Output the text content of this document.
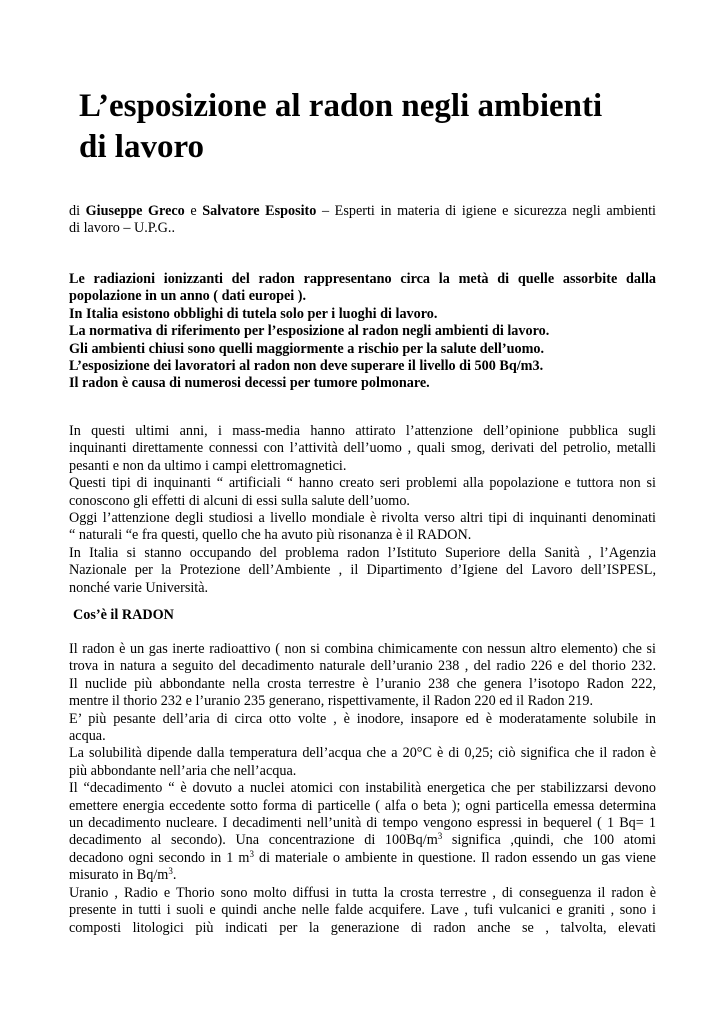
L’esposizione al radon negli ambienti
di lavoro
di Giuseppe Greco e Salvatore Esposito – Esperti in materia di igiene e sicurezza negli ambienti
di lavoro – U.P.G..
Le radiazioni ionizzanti del radon rappresentano circa la metà di quelle assorbite dalla
popolazione in un anno ( dati europei ).
In Italia esistono obblighi di tutela solo per i luoghi di lavoro.
La normativa di riferimento per l’esposizione al radon negli ambienti di lavoro.
Gli ambienti chiusi sono quelli maggiormente a rischio per la salute dell’uomo.
L’esposizione dei lavoratori al radon non deve superare il livello di 500 Bq/m3.
Il radon è causa di numerosi decessi per tumore polmonare.
In questi ultimi anni, i mass-media hanno attirato l’attenzione dell’opinione pubblica sugli
inquinanti direttamente connessi con l’attività dell’uomo , quali smog, derivati del petrolio, metalli
pesanti e non da ultimo i campi elettromagnetici.
Questi tipi di inquinanti “ artificiali “ hanno creato seri problemi alla popolazione e tuttora non si
conoscono gli effetti di alcuni di essi sulla salute dell’uomo.
Oggi l’attenzione degli studiosi a livello mondiale è rivolta verso altri tipi di inquinanti denominati
“ naturali “e fra questi, quello che ha avuto più risonanza è il RADON.
In Italia si stanno occupando del problema radon l’Istituto Superiore della Sanità , l’Agenzia
Nazionale per la Protezione dell’Ambiente , il Dipartimento d’Igiene del Lavoro dell’ISPESL,
nonché varie Università.
Cos’è il RADON
Il radon è un gas inerte radioattivo ( non si combina chimicamente con nessun altro elemento) che si
trova in natura a seguito del decadimento naturale dell’uranio 238 , del radio 226 e del thorio 232.
Il nuclide più abbondante nella crosta terrestre è l’uranio 238 che genera l’isotopo Radon 222,
mentre il thorio 232 e l’uranio 235 generano, rispettivamente, il Radon 220 ed il Radon 219.
E’ più pesante dell’aria di circa otto volte , è inodore, insapore ed è moderatamente solubile in
acqua.
La solubilità dipende dalla temperatura dell’acqua che a 20°C è di 0,25; ciò significa che il radon è
più abbondante nell’aria che nell’acqua.
Il “decadimento “ è dovuto a nuclei atomici con instabilità energetica che per stabilizzarsi devono
emettere energia eccedente sotto forma di particelle ( alfa o beta ); ogni particella emessa determina
un decadimento nucleare. I decadimenti nell’unità di tempo vengono espressi in bequerel ( 1 Bq= 1
decadimento al secondo). Una concentrazione di $100Bq/m^3$ significa ,quindi, che 100 atomi
decadono ogni secondo in 1 $m^3$ di materiale o ambiente in questione. Il radon essendo un gas viene
misurato in $Bq/m^3$.
Uranio , Radio e Thorio sono molto diffusi in tutta la crosta terrestre , di conseguenza il radon è
presente in tutti i suoli e quindi anche nelle falde acquifere. Lave , tufi vulcanici e graniti , sono i
composti litologici più indicati per la generazione di radon anche se , talvolta, elevati
